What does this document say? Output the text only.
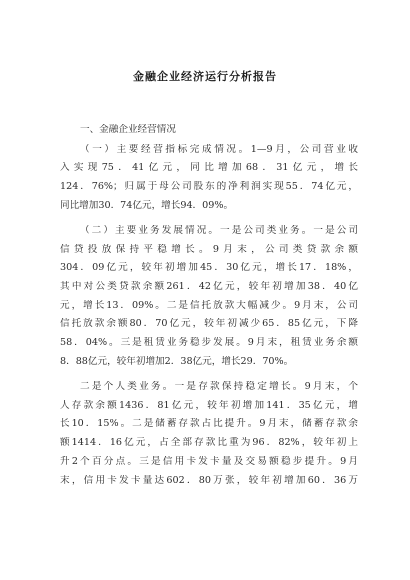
金融企业经济运行分析报告
一、金融企业经营情况
（一）主要经营指标完成情况。1—9月，公司营业收
入实现75．41亿元，同比增加68．31亿元，增长
124．76%；归属于母公司股东的净利润实现55．74亿元，
同比增加30．74亿元，增长94．09%。
（二）主要业务发展情况。一是公司类业务。一是公司
信贷投放保持平稳增长。9月末，公司类贷款余额
304．09亿元，较年初增加45．30亿元，增长17．18%，
其中对公类贷款余额261．42亿元，较年初增加38．40亿
元，增长13．09%。二是信托放款大幅减少。9月末，公司
信托放款余额80．70亿元，较年初减少65．85亿元，下降
58．04%。三是租赁业务稳步发展。9月末，租赁业务余额
8．88亿元，较年初增加2．38亿元，增长29．70%。
二是个人类业务。一是存款保持稳定增长。9月末，个
人存款余额1436．81亿元，较年初增加141．35亿元，增
长10．15%。二是储蓄存款占比提升。9月末，储蓄存款余
额1414．16亿元，占全部存款比重为96．82%，较年初上
升2个百分点。三是信用卡发卡量及交易额稳步提升。9月
末，信用卡发卡量达602．80万张，较年初增加60．36万
